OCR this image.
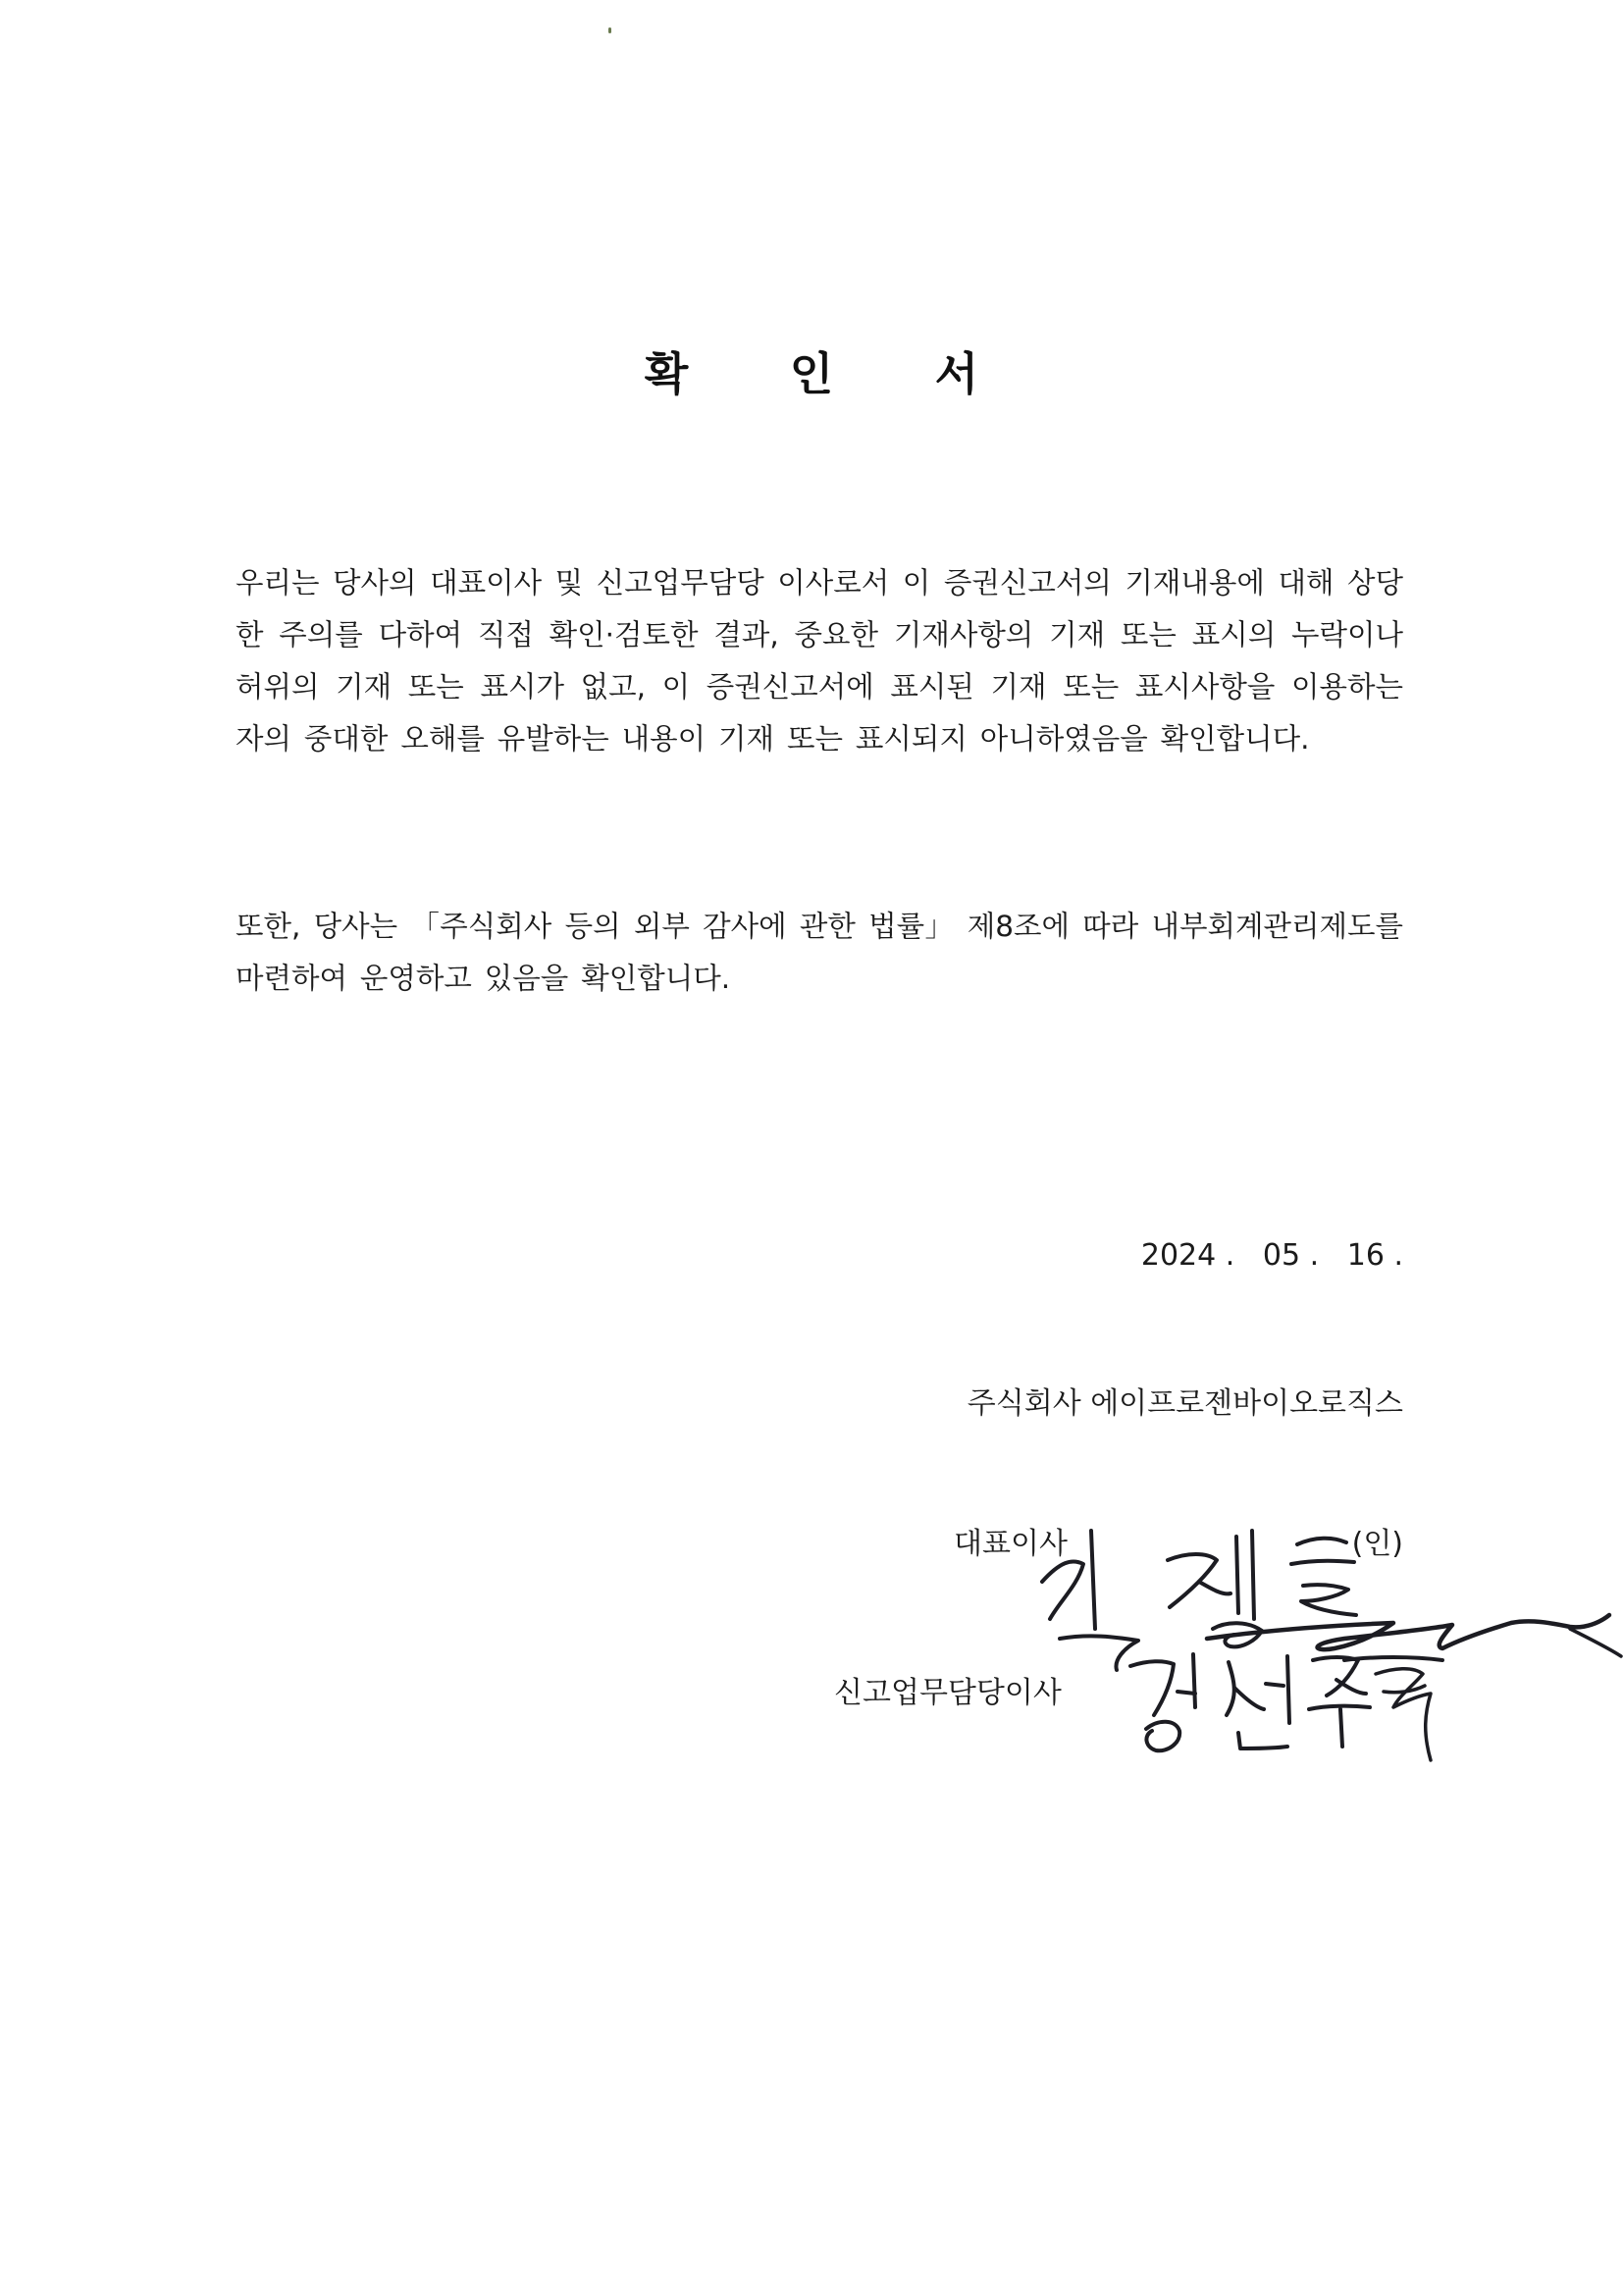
확 인 서
우리는 당사의 대표이사 및 신고업무담당 이사로서 이 증권신고서의 기재내용에 대해 상당한 주의를 다하여 직접 확인·검토한 결과, 중요한 기재사항의 기재 또는 표시의 누락이나 허위의 기재 또는 표시가 없고, 이 증권신고서에 표시된 기재 또는 표시사항을 이용하는 자의 중대한 오해를 유발하는 내용이 기재 또는 표시되지 아니하였음을 확인합니다.
또한, 당사는 「주식회사 등의 외부 감사에 관한 법률」 제8조에 따라 내부회계관리제도를 마련하여 운영하고 있음을 확인합니다.
2024 .   05 .   16 .
주식회사 에이프로젠바이오로직스
대표이사	(인)
신고업무담당이사
